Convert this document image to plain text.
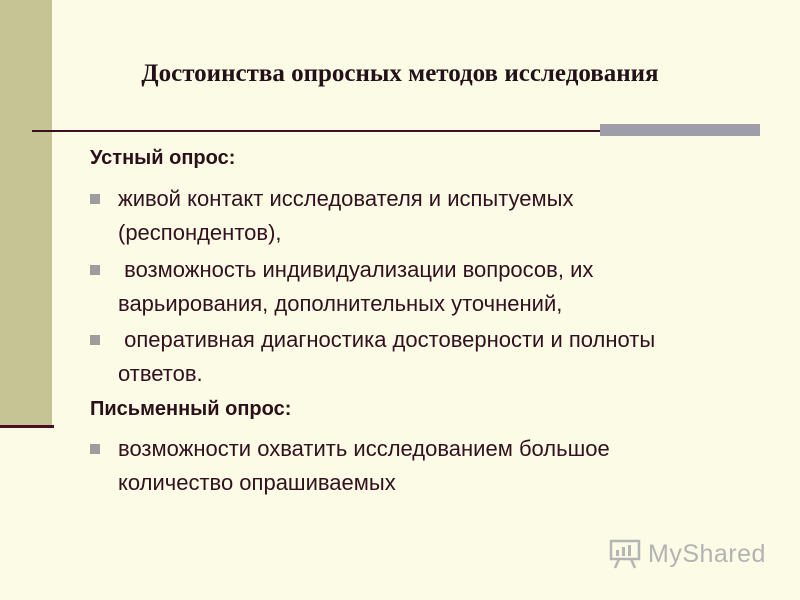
Достоинства опросных методов исследования
Устный опрос:
живой контакт исследователя и испытуемых (респондентов),
возможность индивидуализации вопросов, их варьирования, дополнительных уточнений,
оперативная диагностика достоверности и полноты ответов.
Письменный опрос:
возможности охватить исследованием большое количество опрашиваемых
MyShared
